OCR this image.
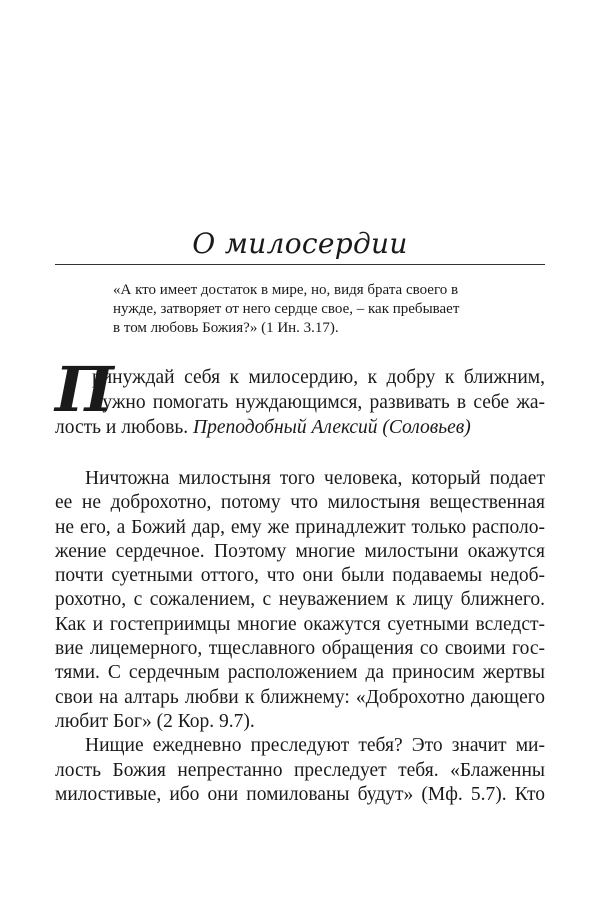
О милосердии
«А кто имеет достаток в мире, но, видя брата своего в
нужде, затворяет от него сердце свое, – как пребывает
в том любовь Божия?» (1 Ин. 3.17).
П
ринуждай себя к милосердию, к добру к ближним,
нужно помогать нуждающимся, развивать в себе жа-
лость и любовь. Преподобный Алексий (Соловьев)
Ничтожна милостыня того человека, который подает
ее не доброхотно, потому что милостыня вещественная
не его, а Божий дар, ему же принадлежит только располо-
жение сердечное. Поэтому многие милостыни окажутся
почти суетными оттого, что они были подаваемы недоб-
рохотно, с сожалением, с неуважением к лицу ближнего.
Как и гостеприимцы многие окажутся суетными вследст-
вие лицемерного, тщеславного обращения со своими гос-
тями. С сердечным расположением да приносим жертвы
свои на алтарь любви к ближнему: «Доброхотно дающего
любит Бог» (2 Кор. 9.7).
Нищие ежедневно преследуют тебя? Это значит ми-
лость Божия непрестанно преследует тебя. «Блаженны
милостивые, ибо они помилованы будут» (Мф. 5.7). Кто
